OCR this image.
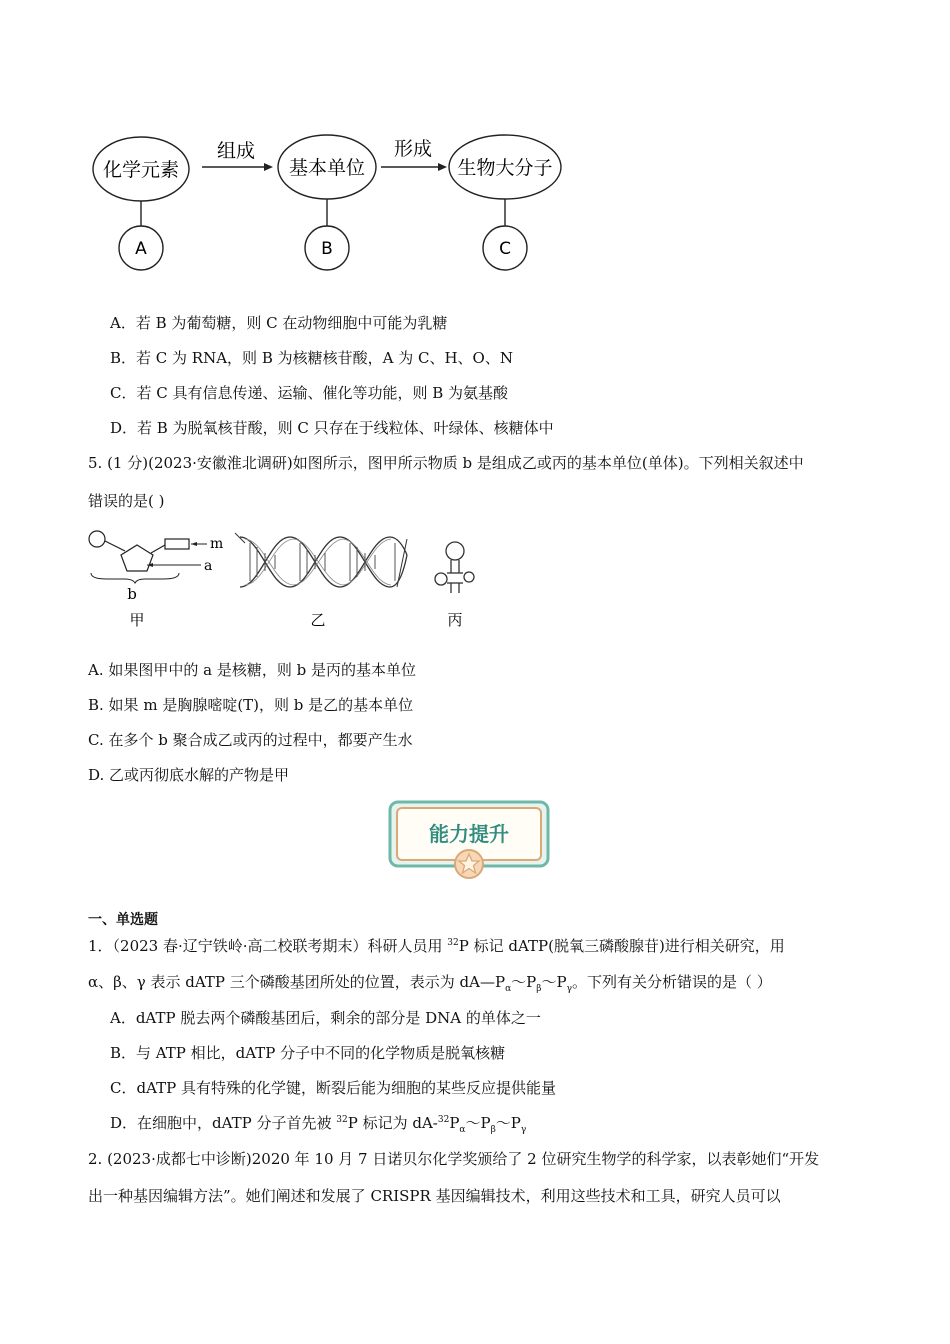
化学元素	基本单位	生物大分子
组成	形成
A	B	C
A．若 B 为葡萄糖，则 C 在动物细胞中可能为乳糖
B．若 C 为 RNA，则 B 为核糖核苷酸，A 为 C、H、O、N
C．若 C 具有信息传递、运输、催化等功能，则 B 为氨基酸
D．若 B 为脱氧核苷酸，则 C 只存在于线粒体、叶绿体、核糖体中
5. (1 分)(2023·安徽淮北调研)如图所示，图甲所示物质 b 是组成乙或丙的基本单位(单体)。下列相关叙述中
错误的是( )
m
a
b
甲	乙	丙
A. 如果图甲中的 a 是核糖，则 b 是丙的基本单位
B. 如果 m 是胸腺嘧啶(T)，则 b 是乙的基本单位
C. 在多个 b 聚合成乙或丙的过程中，都要产生水
D. 乙或丙彻底水解的产物是甲
能力提升
一、单选题
1．（2023 春·辽宁铁岭·高二校联考期末）科研人员用 $^{32}$P 标记 dATP(脱氧三磷酸腺苷)进行相关研究，用
α、β、γ 表示 dATP 三个磷酸基团所处的位置，表示为 $dA—P_\alpha\sim P_\beta\sim P_\gamma$。下列有关分析错误的是（ ）
A．dATP 脱去两个磷酸基团后，剩余的部分是 DNA 的单体之一
B．与 ATP 相比，dATP 分子中不同的化学物质是脱氧核糖
C．dATP 具有特殊的化学键，断裂后能为细胞的某些反应提供能量
D．在细胞中，dATP 分子首先被 $^{32}$P 标记为 $dA-^{32}P_\alpha\sim P_\beta\sim P_\gamma$
2. (2023·成都七中诊断)2020 年 10 月 7 日诺贝尔化学奖颁给了 2 位研究生物学的科学家，以表彰她们“开发
出一种基因编辑方法”。她们阐述和发展了 CRISPR 基因编辑技术，利用这些技术和工具，研究人员可以
